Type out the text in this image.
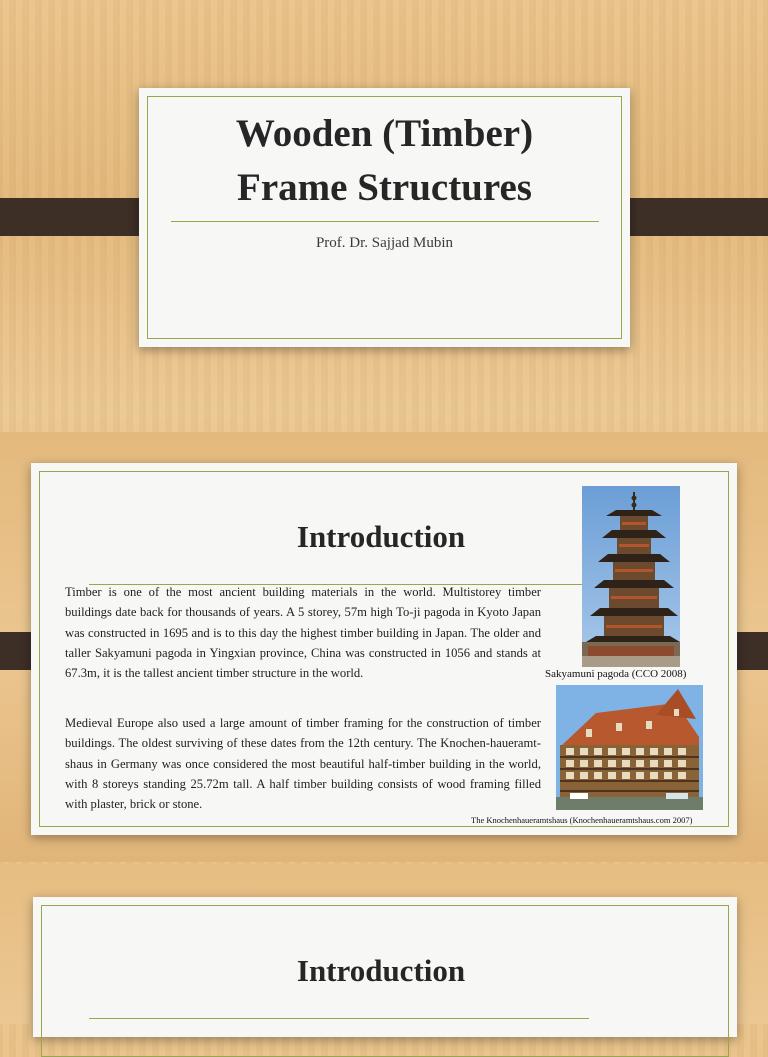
Wooden (Timber)
Frame Structures
Prof. Dr. Sajjad Mubin
Introduction

Timber is one of the most ancient building materials in the world. Multistorey timber buildings date back for thousands of years. A 5 storey, 57m high To-ji pagoda in Kyoto Japan was constructed in 1695 and is to this day the highest timber building in Japan. The older and taller Sakyamuni pagoda in Yingxian province, China was constructed in 1056 and stands at 67.3m, it is the tallest ancient timber structure in the world.

Medieval Europe also used a large amount of timber framing for the construction of timber buildings. The oldest surviving of these dates from the 12th century. The Knochen-haueramt-shaus in Germany was once considered the most beautiful half-timber building in the world, with 8 storeys standing 25.72m tall. A half timber building consists of wood framing filled with plaster, brick or stone.

Sakyamuni pagoda (CCO 2008)
The Knochenhaueramtshaus (Knochenhaueramtshaus.com 2007)
Introduction
